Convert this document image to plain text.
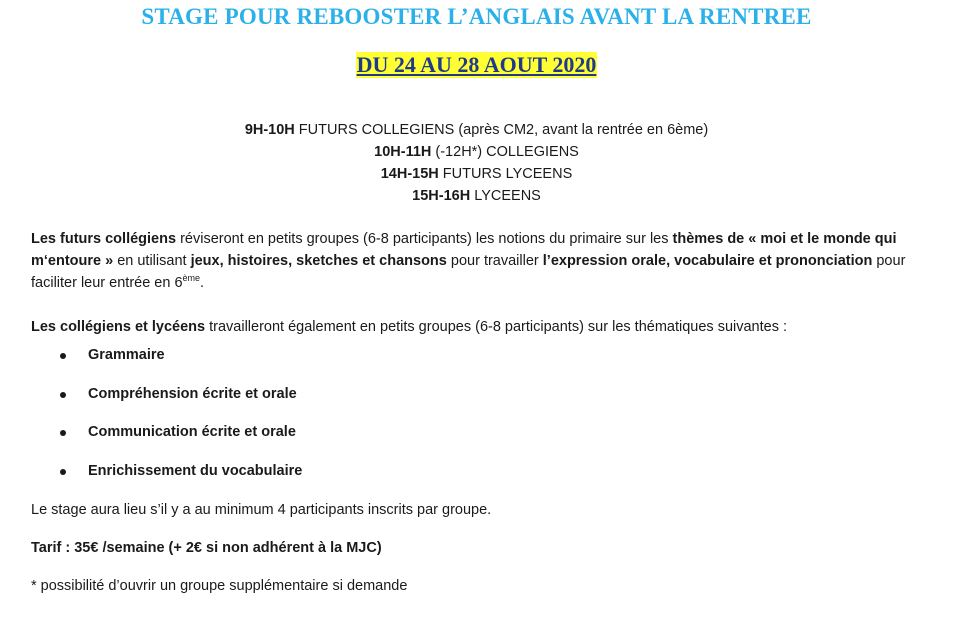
STAGE POUR REBOOSTER L’ANGLAIS AVANT LA RENTREE
DU 24 AU 28 AOUT 2020
9H-10H FUTURS COLLEGIENS (après CM2, avant la rentrée en 6ème)
10H-11H (-12H*) COLLEGIENS
14H-15H FUTURS LYCEENS
15H-16H LYCEENS

Les futurs collégiens réviseront en petits groupes (6-8 participants) les notions du primaire sur les thèmes de « moi et le monde qui m‘entoure » en utilisant jeux, histoires, sketches et chansons pour travailler l’expression orale, vocabulaire et prononciation pour faciliter leur entrée en 6ème.

Les collégiens et lycéens travailleront également en petits groupes (6-8 participants) sur les thématiques suivantes :

Grammaire
Compréhension écrite et orale
Communication écrite et orale
Enrichissement du vocabulaire

Le stage aura lieu s’il y a au minimum 4 participants inscrits par groupe.

Tarif : 35€ /semaine (+ 2€ si non adhérent à la MJC)

* possibilité d’ouvrir un groupe supplémentaire si demande
